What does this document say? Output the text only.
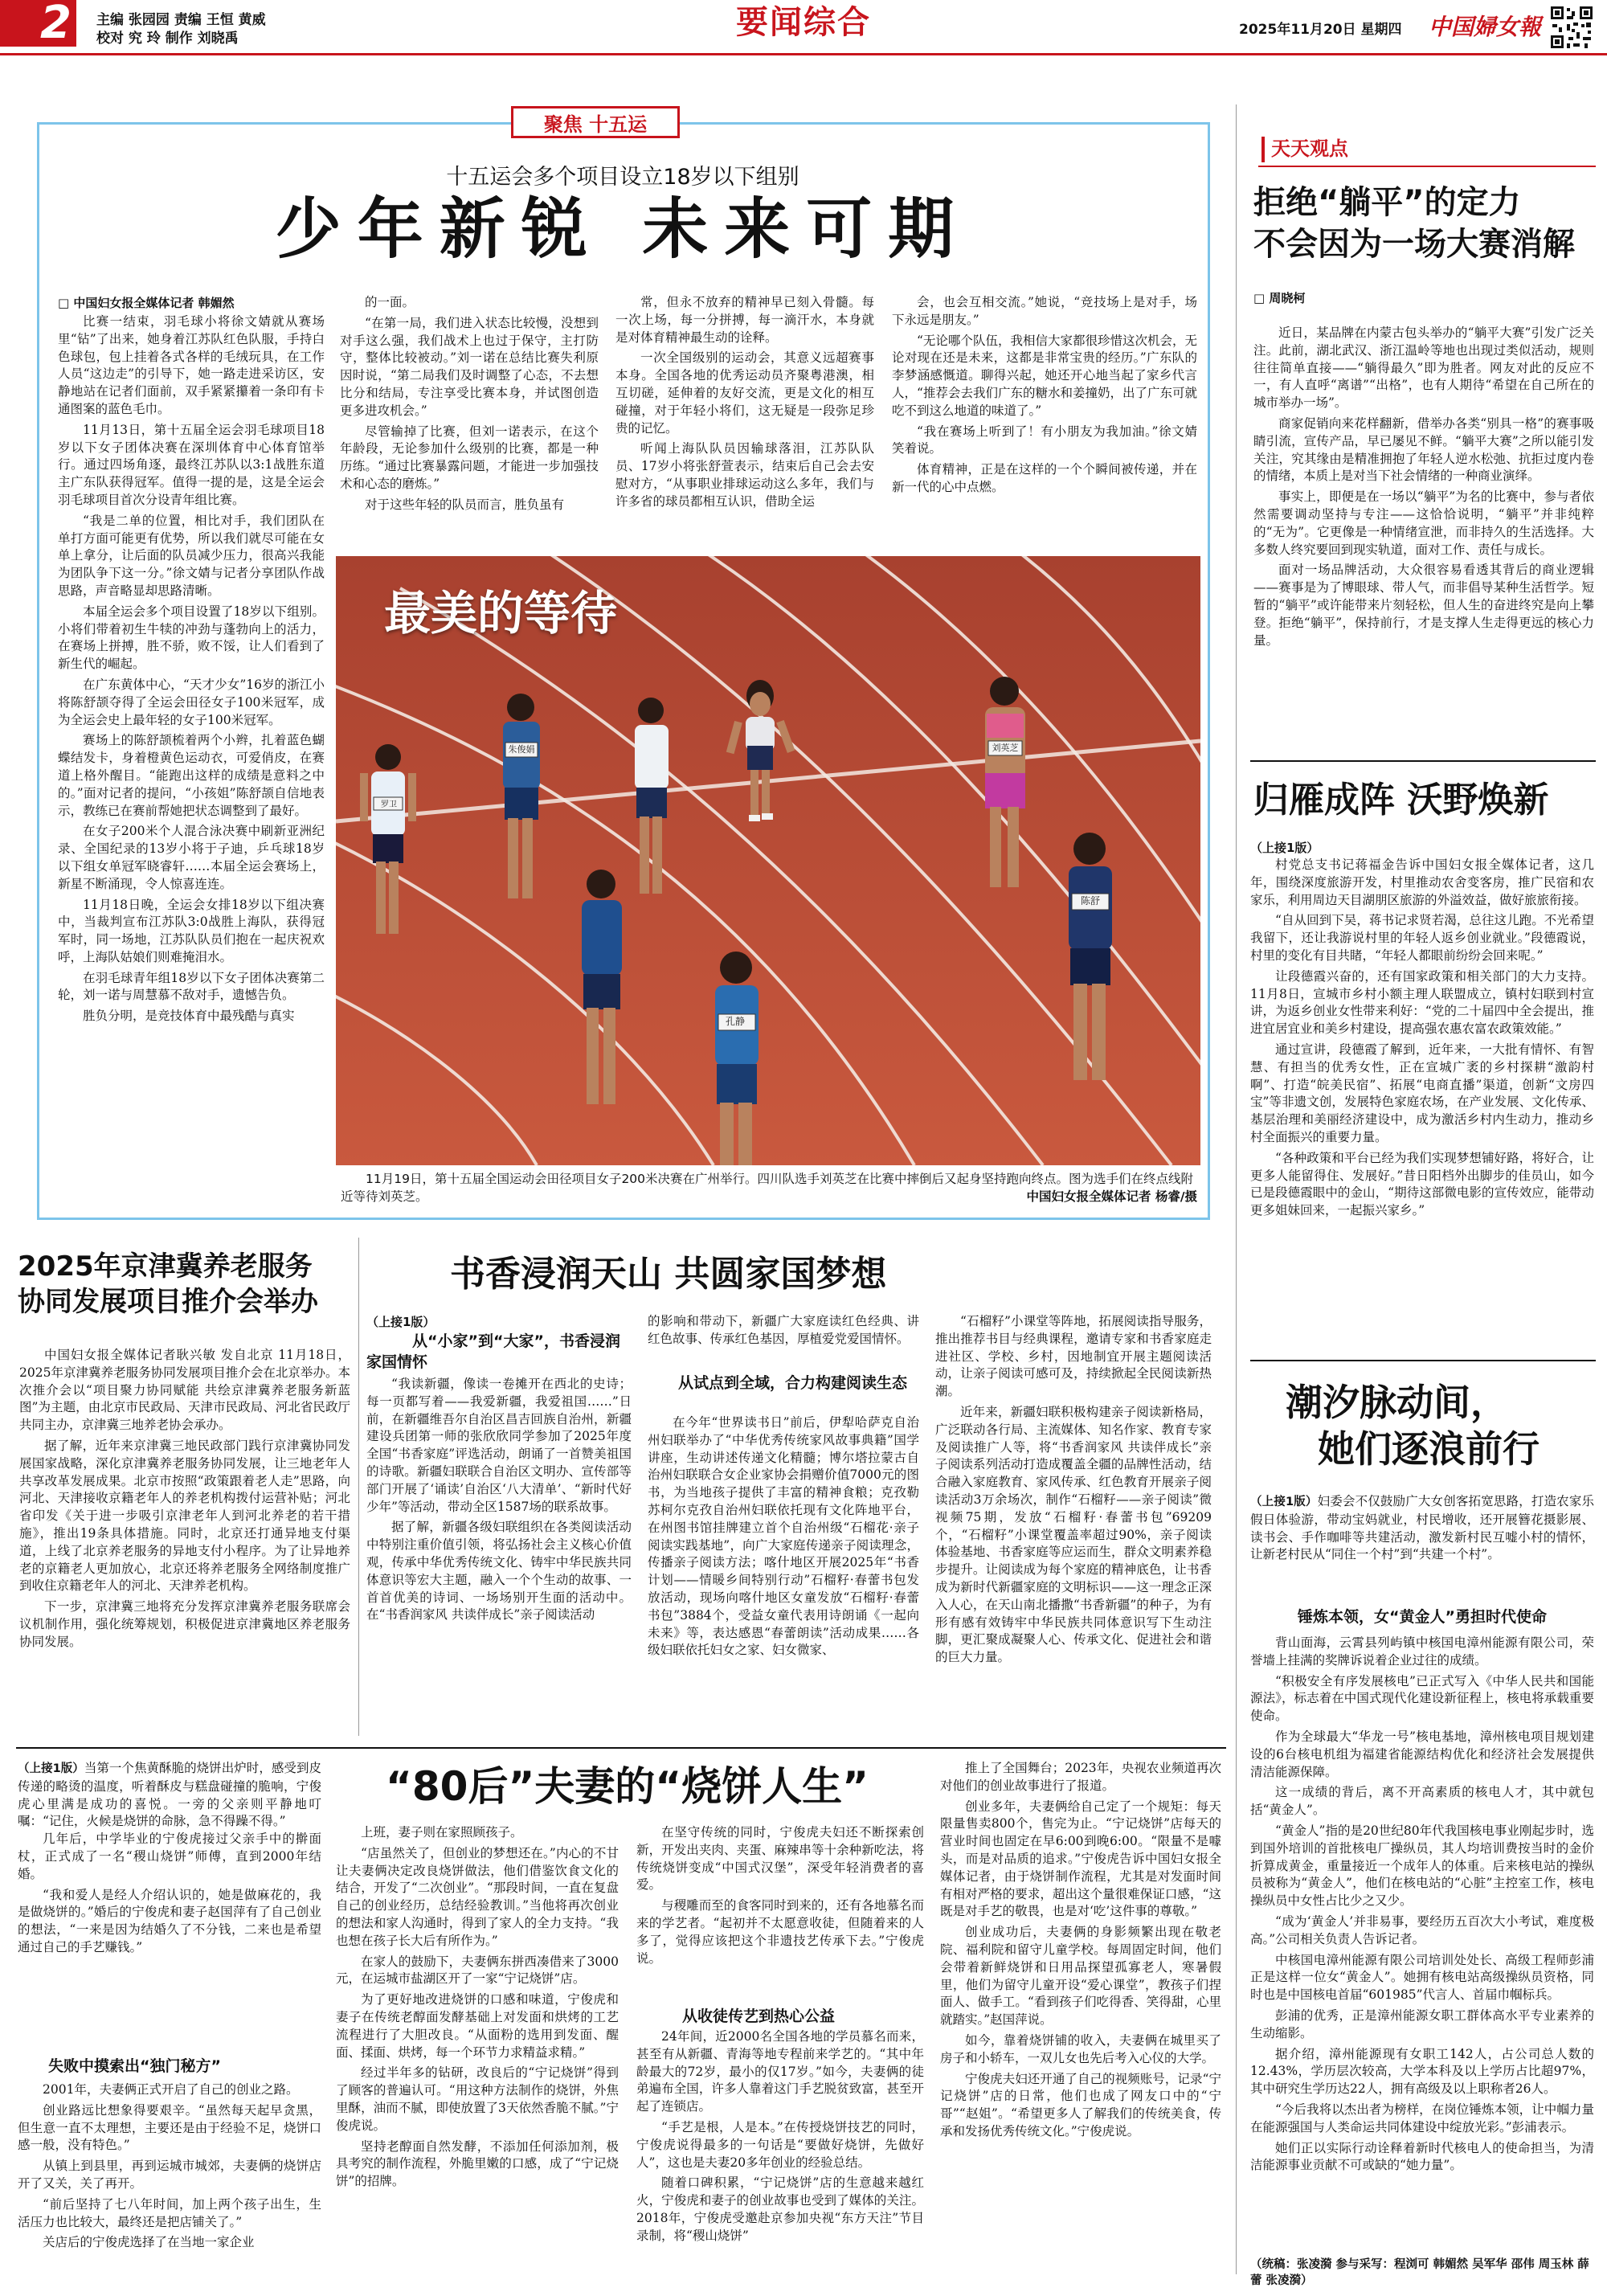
2	主编 张园园 责编 王恒 黄威
校对 究 玲 制作 刘晓禹	要闻综合	2025年11月20日 星期四 中国婦女報
聚焦 十五运
十五运会多个项目设立18岁以下组别
少年新锐 未来可期
□ 中国妇女报全媒体记者 韩媚然

比赛一结束，羽毛球小将徐文婧就从赛场里“钻”了出来，她身着江苏队红色队服，手持白色球包，包上挂着各式各样的毛绒玩具，在工作人员“这边走”的引导下，她一路走进采访区，安静地站在记者们面前，双手紧紧攥着一条印有卡通图案的蓝色毛巾。

11月13日，第十五届全运会羽毛球项目18岁以下女子团体决赛在深圳体育中心体育馆举行。通过四场角逐，最终江苏队以3:1战胜东道主广东队获得冠军。值得一提的是，这是全运会羽毛球项目首次分设青年组比赛。

“我是二单的位置，相比对手，我们团队在单打方面可能更有优势，所以我们就尽可能在女单上拿分，让后面的队员减少压力，很高兴我能为团队争下这一分。”徐文婧与记者分享团队作战思路，声音略显却思路清晰。

本届全运会多个项目设置了18岁以下组别。小将们带着初生牛犊的冲劲与蓬勃向上的活力，在赛场上拼搏，胜不骄，败不馁，让人们看到了新生代的崛起。

在广东黄体中心，“天才少女”16岁的浙江小将陈舒颉夺得了全运会田径女子100米冠军，成为全运会史上最年轻的女子100米冠军。

赛场上的陈舒颉梳着两个小辫，扎着蓝色蝴蝶结发卡，身着橙黄色运动衣，可爱俏皮，在赛道上格外醒目。“能跑出这样的成绩是意料之中的。”面对记者的提问，“小孩姐”陈舒颉自信地表示，教练已在赛前帮她把状态调整到了最好。

在女子200米个人混合泳决赛中刷新亚洲纪录、全国纪录的13岁小将于子迪，乒乓球18岁以下组女单冠军晓睿轩……本届全运会赛场上，新星不断涌现，令人惊喜连连。

11月18日晚，全运会女排18岁以下组决赛中，当裁判宣布江苏队3:0战胜上海队，获得冠军时，同一场地，江苏队队员们抱在一起庆祝欢呼，上海队姑娘们则难掩泪水。

在羽毛球青年组18岁以下女子团体决赛第二轮，刘一诺与周慧慕不敌对手，遗憾告负。

胜负分明，是竞技体育中最残酷与真实

的一面。

“在第一局，我们进入状态比较慢，没想到对手这么强，我们战术上也过于保守，主打防守，整体比较被动。”刘一诺在总结比赛失利原因时说，“第二局我们及时调整了心态，不去想比分和结局，专注享受比赛本身，并试图创造更多进攻机会。”

尽管输掉了比赛，但刘一诺表示，在这个年龄段，无论参加什么级别的比赛，都是一种历练。“通过比赛暴露问题，才能进一步加强技术和心态的磨炼。”

对于这些年轻的队员而言，胜负虽有

常，但永不放弃的精神早已刻入骨髓。每一次上场，每一分拼搏，每一滴汗水，本身就是对体育精神最生动的诠释。

一次全国级别的运动会，其意义远超赛事本身。全国各地的优秀运动员齐聚粤港澳，相互切磋，延伸着的友好交流，更是文化的相互碰撞，对于年轻小将们，这无疑是一段弥足珍贵的记忆。

听闻上海队队员因输球落泪，江苏队队员、17岁小将张舒萱表示，结束后自己会去安慰对方，“从事职业排球运动这么多年，我们与许多省的球员都相互认识，借助全运

会，也会互相交流。”她说，“竞技场上是对手，场下永远是朋友。”

“无论哪个队伍，我相信大家都很珍惜这次机会，无论对现在还是未来，这都是非常宝贵的经历。”广东队的李梦涵感慨道。聊得兴起，她还开心地当起了家乡代言人，“推荐会去我们广东的糖水和姜撞奶，出了广东可就吃不到这么地道的味道了。”

“我在赛场上听到了！有小朋友为我加油。”徐文婧笑着说。

体育精神，正是在这样的一个个瞬间被传递，并在新一代的心中点燃。

罗卫
朱俊娟
孔静
刘英芝
陈舒
最美的等待
11月19日，第十五届全国运动会田径项目女子200米决赛在广州举行。四川队选手刘英芝在比赛中摔倒后又起身坚持跑向终点。图为选手们在终点线附近等待刘英芝。	中国妇女报全媒体记者 杨睿/摄
天天观点
拒绝“躺平”的定力
不会因为一场大赛消解
□ 周晓柯

近日，某品牌在内蒙古包头举办的“躺平大赛”引发广泛关注。此前，湖北武汉、浙江温岭等地也出现过类似活动，规则往往简单直接——“躺得最久”即为胜者。网友对此的反应不一，有人直呼“离谱”“出格”，也有人期待“希望在自己所在的城市举办一场”。

商家促销向来花样翻新，借举办各类“别具一格”的赛事吸睛引流，宣传产品，早已屡见不鲜。“躺平大赛”之所以能引发关注，究其缘由是精准拥抱了年轻人逆水松弛、抗拒过度内卷的情绪，本质上是对当下社会情绪的一种商业演绎。

事实上，即便是在一场以“躺平”为名的比赛中，参与者依然需要调动坚持与专注——这恰恰说明，“躺平”并非纯粹的“无为”。它更像是一种情绪宣泄，而非持久的生活选择。大多数人终究要回到现实轨道，面对工作、责任与成长。

面对一场品牌活动，大众很容易看透其背后的商业逻辑——赛事是为了博眼球、带人气，而非倡导某种生活哲学。短暂的“躺平”或许能带来片刻轻松，但人生的奋进终究是向上攀登。拒绝“躺平”，保持前行，才是支撑人生走得更远的核心力量。

归雁成阵 沃野焕新
（上接1版）

村党总支书记蒋福金告诉中国妇女报全媒体记者，这几年，围绕深度旅游开发，村里推动农舍变客房，推广民宿和农家乐，利用周边天目湖朋区旅游的外溢效益，做好旅旅衔接。

“自从回到下吴，蒋书记求贤若渴，总往这儿跑。不光希望我留下，还让我游说村里的年轻人返乡创业就业。”段德霞说，村里的变化有目共睹，“年轻人都眼前纷纷会回来呢。”

让段德霞兴奋的，还有国家政策和相关部门的大力支持。11月8日，宣城市乡村小额主理人联盟成立，镇村妇联到村宣讲，为返乡创业女性带来利好：“党的二十届四中全会提出，推进宜居宜业和美乡村建设，提高强农惠农富农政策效能。”

通过宣讲，段德霞了解到，近年来，一大批有情怀、有智慧、有担当的优秀女性，正在宣城广袤的乡村探耕“激韵村啊”、打造“皖美民宿”、拓展“电商直播”渠道，创新“文房四宝”等非遗文创，发展特色家庭农场，在产业发展、文化传承、基层治理和美丽经济建设中，成为激活乡村内生动力，推动乡村全面振兴的重要力量。

“各种政策和平台已经为我们实现梦想铺好路，将好合，让更多人能留得住、发展好。”昔日阳档外出脚步的佳员山，如今已是段德霞眼中的金山，“期待这部微电影的宣传效应，能带动更多姐妹回来，一起振兴家乡。”

潮汐脉动间，
她们逐浪前行
（上接1版）妇委会不仅鼓励广大女创客拓宽思路，打造农家乐假日体验游，带动宝妈就业，村民增收，还开展簪花摄影展、读书会、手作咖啡等共建活动，激发新村民互嘘小村的情怀，让新老村民从“同住一个村”到“共建一个村”。
锤炼本领，女“黄金人”勇担时代使命

背山面海，云霄县列屿镇中核国电漳州能源有限公司，荣誉墙上挂满的奖牌诉说着企业过往的成绩。

“积极安全有序发展核电”已正式写入《中华人民共和国能源法》，标志着在中国式现代化建设新征程上，核电将承载重要使命。

作为全球最大“华龙一号”核电基地，漳州核电项目规划建设的6台核电机组为福建省能源结构优化和经济社会发展提供清洁能源保障。

这一成绩的背后，离不开高素质的核电人才，其中就包括“黄金人”。

“黄金人”指的是20世纪80年代我国核电事业刚起步时，选到国外培训的首批核电厂操纵员，其人均培训费按当时的金价折算成黄金，重量接近一个成年人的体重。后来核电站的操纵员被称为“黄金人”，他们在核电站的“心脏”主控室工作，核电操纵员中女性占比少之又少。

“成为‘黄金人’并非易事，要经历五百次大小考试，难度极高。”公司相关负责人告诉记者。

中核国电漳州能源有限公司培训处处长、高级工程师彭浦正是这样一位女“黄金人”。她拥有核电站高级操纵员资格，同时也是中国核电首届“601985”代言人、首届巾帼标兵。

彭浦的优秀，正是漳州能源女职工群体高水平专业素养的生动缩影。

据介绍，漳州能源现有女职工142人，占公司总人数的12.43%，学历层次较高，大学本科及以上学历占比超97%，其中研究生学历达22人，拥有高级及以上职称者26人。

“今后我将以杰出者为榜样，在岗位锤炼本领，让中帼力量在能源强国与人类命运共同体建设中绽放光彩。”彭浦表示。

她们正以实际行动诠释着新时代核电人的使命担当，为清洁能源事业贡献不可或缺的“她力量”。

（统稿：张凌漪 参与采写：程浏可 韩媚然 吴军华 邵伟 周玉林 薛蕾 张凌漪）
2025年京津冀养老服务
协同发展项目推介会举办

中国妇女报全媒体记者耿兴敏 发自北京 11月18日，2025年京津冀养老服务协同发展项目推介会在北京举办。本次推介会以“项目聚力协同赋能 共绘京津冀养老服务新蓝图”为主题，由北京市民政局、天津市民政局、河北省民政厅共同主办，京津冀三地养老协会承办。

据了解，近年来京津冀三地民政部门践行京津冀协同发展国家战略，深化京津冀养老服务协同发展，让三地老年人共享改革发展成果。北京市按照“政策跟着老人走”思路，向河北、天津接收京籍老年人的养老机构拨付运营补贴；河北省印发《关于进一步吸引京津老年人到河北养老的若干措施》，推出19条具体措施。同时，北京还打通异地支付渠道，上线了北京养老服务的异地支付小程序。为了让异地养老的京籍老人更加放心，北京还将养老服务全网络制度推广到收住京籍老年人的河北、天津养老机构。

下一步，京津冀三地将充分发挥京津冀养老服务联席会议机制作用，强化统筹规划，积极促进京津冀地区养老服务协同发展。

书香浸润天山 共圆家国梦想
（上接1版）
从“小家”到“大家”，书香浸润家国情怀

“我读新疆，像读一卷摊开在西北的史诗；每一页都写着——我爱新疆，我爱祖国……”日前，在新疆维吾尔自治区昌吉回族自治州，新疆建设兵团第一师的张欣欣同学参加了2025年度全国“书香家庭”评选活动，朗诵了一首赞美祖国的诗歌。新疆妇联联合自治区文明办、宣传部等部门开展了‘诵读’自治区‘八大清单’、“新时代好少年”等活动，带动全区1587场的联系故事。

据了解，新疆各级妇联组织在各类阅读活动中特别注重价值引领，将弘扬社会主义核心价值观，传承中华优秀传统文化、铸牢中华民族共同体意识等宏大主题，融入一个个生动的故事、一首首优美的诗词、一场场别开生面的活动中。在“书香润家风 共读伴成长”亲子阅读活动

的影响和带动下，新疆广大家庭读红色经典、讲红色故事、传承红色基因，厚植爱党爱国情怀。

从试点到全域，合力构建阅读生态

在今年“世界读书日”前后，伊犁哈萨克自治州妇联举办了“中华优秀传统家风故事典籍”国学讲座，生动讲述传递文化精髓；博尔塔拉蒙古自治州妇联联合女企业家协会捐赠价值7000元的图书，为当地孩子提供了丰富的精神食粮；克孜勒苏柯尔克孜自治州妇联依托现有文化阵地平台，在州图书馆挂牌建立首个自治州级“石榴花·亲子阅读实践基地”，向广大家庭传递亲子阅读理念，传播亲子阅读方法；喀什地区开展2025年“书香计划——情暖乡间特别行动”石榴籽·春蕾书包发放活动，现场向喀什地区女童发放“石榴籽·春蕾书包”3884个，受益女童代表用诗朗诵《一起向未来》等，表达感恩“春蕾朗读”活动成果……各级妇联依托妇女之家、妇女微家、

“石榴籽”小课堂等阵地，拓展阅读指导服务，推出推荐书目与经典课程，邀请专家和书香家庭走进社区、学校、乡村，因地制宜开展主题阅读活动，让亲子阅读可感可及，持续掀起全民阅读新热潮。

近年来，新疆妇联积极构建亲子阅读新格局，广泛联动各行局、主流媒体、知名作家、教育专家及阅读推广人等，将“书香润家风 共读伴成长”亲子阅读系列活动打造成覆盖全疆的品牌性活动，结合融入家庭教育、家风传承、红色教育开展亲子阅读活动3万余场次，制作“石榴籽——亲子阅读”微视频75期，发放“石榴籽·春蕾书包”69209个，“石榴籽”小课堂覆盖率超过90%，亲子阅读体验基地、书香家庭等应运而生，群众文明素养稳步提升。让阅读成为每个家庭的精神底色，让书香成为新时代新疆家庭的文明标识——这一理念正深入人心，在天山南北播撒“书香新疆”的种子，为有形有感有效铸牢中华民族共同体意识写下生动注脚，更汇聚成凝聚人心、传承文化、促进社会和谐的巨大力量。

“80后”夫妻的“烧饼人生”
（上接1版）当第一个焦黄酥脆的烧饼出炉时，感受到皮传递的略烫的温度，听着酥皮与糕盘碰撞的脆响，宁俊虎心里满是成功的喜悦。一旁的父亲则平静地叮嘱：“记住，火候是烧饼的命脉，急不得躁不得。”

几年后，中学毕业的宁俊虎接过父亲手中的擀面杖，正式成了一名“稷山烧饼”师傅，直到2000年结婚。

“我和爱人是经人介绍认识的，她是做麻花的，我是做烧饼的。”婚后的宁俊虎和妻子赵国萍有了自己创业的想法，“一来是因为结婚久了不分钱，二来也是希望通过自己的手艺赚钱。”

失败中摸索出“独门秘方”

2001年，夫妻俩正式开启了自己的创业之路。

创业路远比想象得要艰辛。“虽然每天起早贪黑，但生意一直不太理想，主要还是由于经验不足，烧饼口感一般，没有特色。”

从镇上到县里，再到运城市城郊，夫妻俩的烧饼店开了又关，关了再开。

“前后坚持了七八年时间，加上两个孩子出生，生活压力也比较大，最终还是把店铺关了。”

关店后的宁俊虎选择了在当地一家企业

上班，妻子则在家照顾孩子。

“店虽然关了，但创业的梦想还在。”内心的不甘让夫妻俩决定改良烧饼做法，他们借鉴饮食文化的结合，开发了“二次创业”。“那段时间，一直在复盘自己的创业经历，总结经验教训。”当他将再次创业的想法和家人沟通时，得到了家人的全力支持。“我也想在孩子长大后有所作为。”

在家人的鼓励下，夫妻俩东拼西凑借来了3000元，在运城市盐湖区开了一家“宁记烧饼”店。

为了更好地改进烧饼的口感和味道，宁俊虎和妻子在传统老醇面发酵基础上对发面和烘烤的工艺流程进行了大胆改良。“从面粉的选用到发面、醒面、揉面、烘烤，每一个环节力求精益求精。”

经过半年多的钻研，改良后的“宁记烧饼”得到了顾客的普遍认可。“用这种方法制作的烧饼，外焦里酥，油而不腻，即使放置了3天依然香脆不腻。”宁俊虎说。

坚持老醇面自然发酵，不添加任何添加剂，极具考究的制作流程，外脆里嫩的口感，成了“宁记烧饼”的招牌。

在坚守传统的同时，宁俊虎夫妇还不断探索创新，开发出夹肉、夹蛋、麻辣串等十余种新吃法，将传统烧饼变成“中国式汉堡”，深受年轻消费者的喜爱。

与稷雕而至的食客同时到来的，还有各地慕名而来的学艺者。“起初并不太愿意收徒，但随着来的人多了，觉得应该把这个非遗技艺传承下去。”宁俊虎说。

从收徒传艺到热心公益

24年间，近2000名全国各地的学员慕名而来，甚至有从新疆、青海等地专程前来学艺的。“其中年龄最大的72岁，最小的仅17岁。”如今，夫妻俩的徒弟遍布全国，许多人靠着这门手艺脱贫致富，甚至开起了连锁店。

“手艺是根，人是本。”在传授烧饼技艺的同时，宁俊虎说得最多的一句话是“要做好烧饼，先做好人”，这也是夫妻20多年创业的经验总结。

随着口碑积累，“宁记烧饼”店的生意越来越红火，宁俊虎和妻子的创业故事也受到了媒体的关注。2018年，宁俊虎受邀赴京参加央视“东方天注”节目录制，将“稷山烧饼”

推上了全国舞台；2023年，央视农业频道再次对他们的创业故事进行了报道。

创业多年，夫妻俩给自己定了一个规矩：每天限量售卖800个，售完为止。“宁记烧饼”店每天的营业时间也固定在早6:00到晚6:00。“限量不是噱头，而是对品质的追求。”宁俊虎告诉中国妇女报全媒体记者，由于烧饼制作流程，尤其是对发面时间有相对严格的要求，超出这个量很难保证口感，“这既是对手艺的敬畏，也是对‘吃’这件事的尊敬。”

创业成功后，夫妻俩的身影频繁出现在敬老院、福利院和留守儿童学校。每周固定时间，他们会带着新鲜烧饼和日用品探望孤寡老人，寒暑假里，他们为留守儿童开设“爱心课堂”，教孩子们捏面人、做手工。“看到孩子们吃得香、笑得甜，心里就踏实。”赵国萍说。

如今，靠着烧饼铺的收入，夫妻俩在城里买了房子和小轿车，一双儿女也先后考入心仪的大学。

宁俊虎夫妇还开通了自己的视频账号，记录“宁记烧饼”店的日常，他们也成了网友口中的“宁哥”“赵姐”。“希望更多人了解我们的传统美食，传承和发扬优秀传统文化。”宁俊虎说。
